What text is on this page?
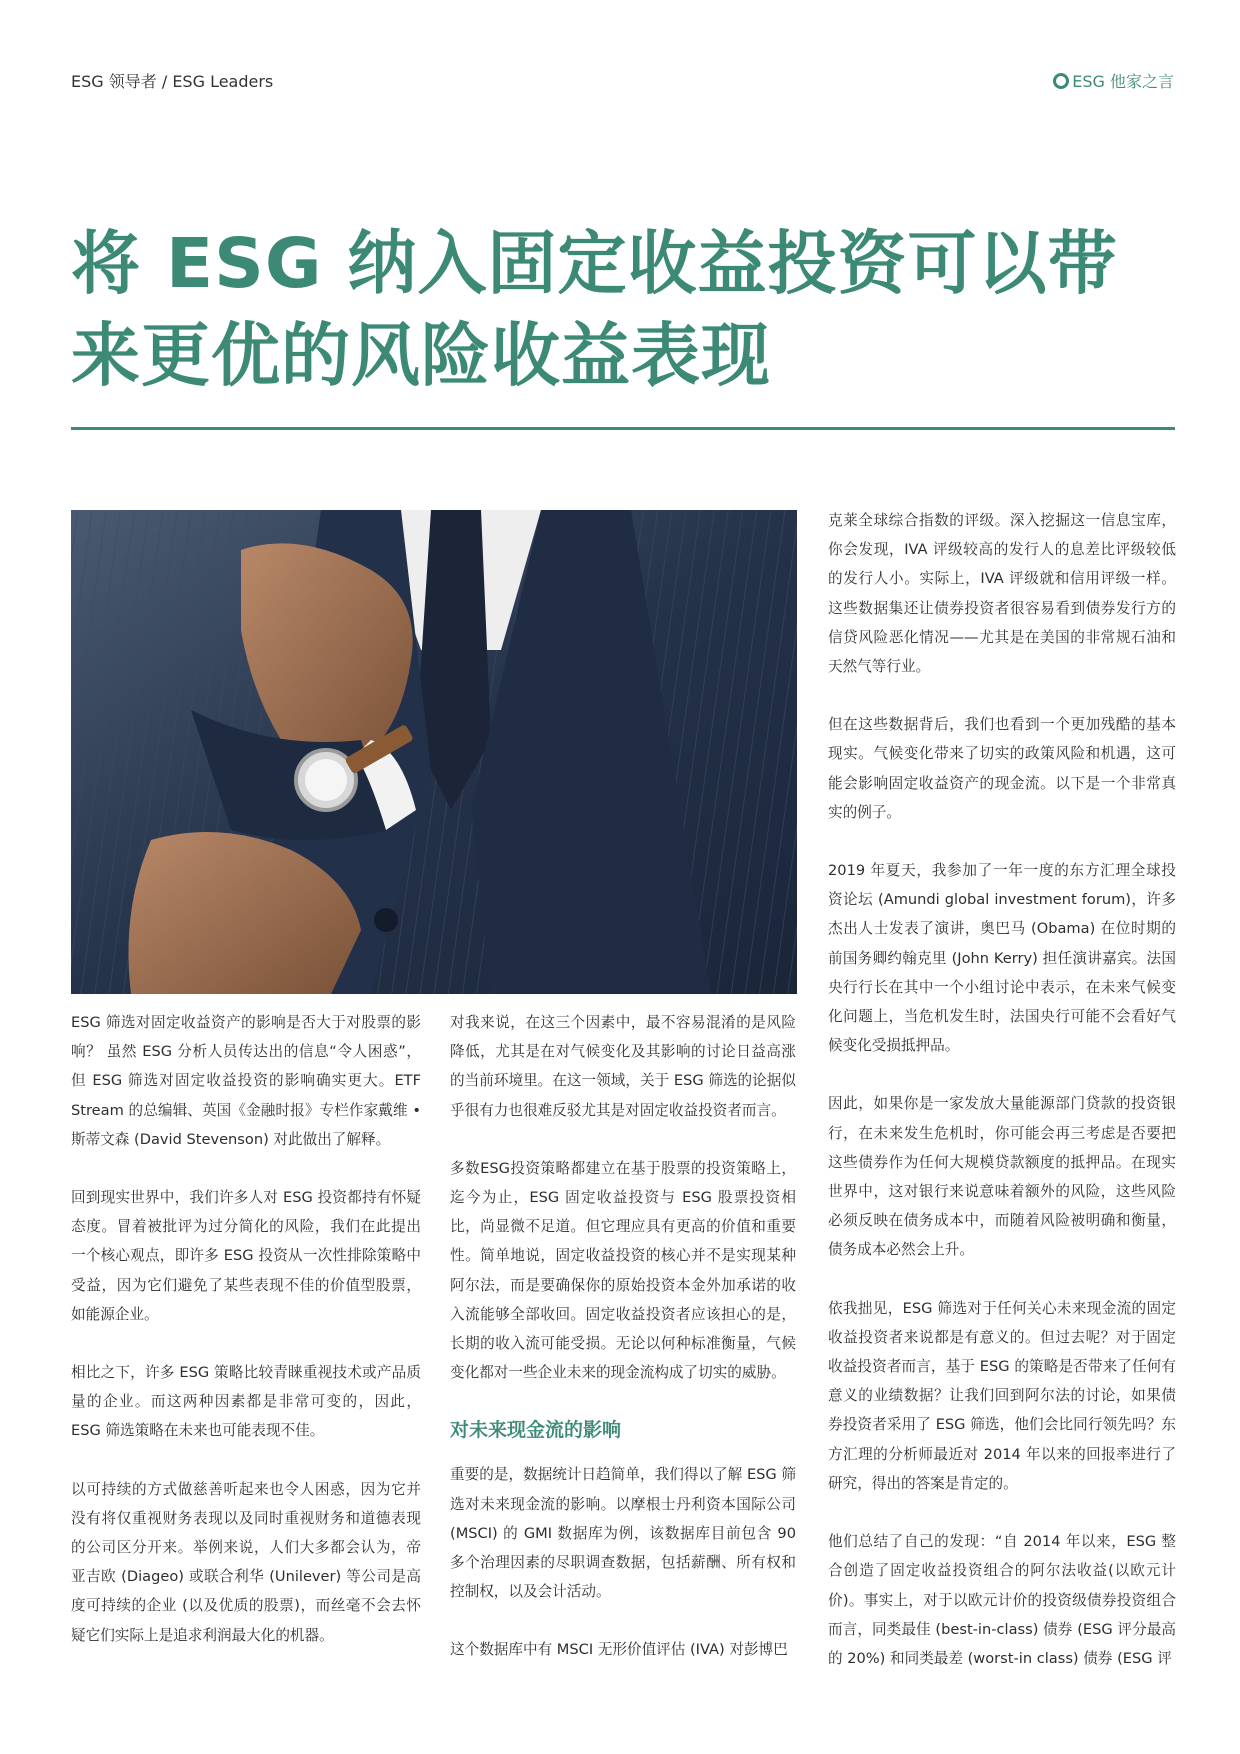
ESG 领导者 / ESG Leaders	ESG 他家之言
将 ESG 纳入固定收益投资可以带来更优的风险收益表现

ESG 筛选对固定收益资产的影响是否大于对股票的影响？ 虽然 ESG 分析人员传达出的信息“令人困惑”，但 ESG 筛选对固定收益投资的影响确实更大。ETF Stream 的总编辑、英国《金融时报》专栏作家戴维 • 斯蒂文森 (David Stevenson) 对此做出了解释。

回到现实世界中，我们许多人对 ESG 投资都持有怀疑态度。冒着被批评为过分简化的风险，我们在此提出一个核心观点，即许多 ESG 投资从一次性排除策略中受益，因为它们避免了某些表现不佳的价值型股票，如能源企业。

相比之下，许多 ESG 策略比较青睐重视技术或产品质量的企业。而这两种因素都是非常可变的，因此，ESG 筛选策略在未来也可能表现不佳。

以可持续的方式做慈善听起来也令人困惑，因为它并没有将仅重视财务表现以及同时重视财务和道德表现的公司区分开来。举例来说，人们大多都会认为，帝亚吉欧 (Diageo) 或联合利华 (Unilever) 等公司是高度可持续的企业 (以及优质的股票)，而丝毫不会去怀疑它们实际上是追求利润最大化的机器。

对我来说，在这三个因素中，最不容易混淆的是风险降低，尤其是在对气候变化及其影响的讨论日益高涨的当前环境里。在这一领域，关于 ESG 筛选的论据似乎很有力也很难反驳尤其是对固定收益投资者而言。

多数ESG投资策略都建立在基于股票的投资策略上，迄今为止，ESG 固定收益投资与 ESG 股票投资相比，尚显微不足道。但它理应具有更高的价值和重要性。简单地说，固定收益投资的核心并不是实现某种阿尔法，而是要确保你的原始投资本金外加承诺的收入流能够全部收回。固定收益投资者应该担心的是，长期的收入流可能受损。无论以何种标准衡量，气候变化都对一些企业未来的现金流构成了切实的威胁。

对未来现金流的影响

重要的是，数据统计日趋简单，我们得以了解 ESG 筛选对未来现金流的影响。以摩根士丹利资本国际公司 (MSCI) 的 GMI 数据库为例，该数据库目前包含 90 多个治理因素的尽职调查数据，包括薪酬、所有权和控制权，以及会计活动。

这个数据库中有 MSCI 无形价值评估 (IVA) 对彭博巴

克莱全球综合指数的评级。深入挖掘这一信息宝库，你会发现，IVA 评级较高的发行人的息差比评级较低的发行人小。实际上，IVA 评级就和信用评级一样。这些数据集还让债券投资者很容易看到债券发行方的信贷风险恶化情况——尤其是在美国的非常规石油和天然气等行业。

但在这些数据背后，我们也看到一个更加残酷的基本现实。气候变化带来了切实的政策风险和机遇，这可能会影响固定收益资产的现金流。以下是一个非常真实的例子。

2019 年夏天，我参加了一年一度的东方汇理全球投资论坛 (Amundi global investment forum)，许多杰出人士发表了演讲，奥巴马 (Obama) 在位时期的前国务卿约翰克里 (John Kerry) 担任演讲嘉宾。法国央行行长在其中一个小组讨论中表示，在未来气候变化问题上，当危机发生时，法国央行可能不会看好气候变化受损抵押品。

因此，如果你是一家发放大量能源部门贷款的投资银行，在未来发生危机时，你可能会再三考虑是否要把这些债券作为任何大规模贷款额度的抵押品。在现实世界中，这对银行来说意味着额外的风险，这些风险必须反映在债务成本中，而随着风险被明确和衡量，债务成本必然会上升。

依我拙见，ESG 筛选对于任何关心未来现金流的固定收益投资者来说都是有意义的。但过去呢？对于固定收益投资者而言，基于 ESG 的策略是否带来了任何有意义的业绩数据？让我们回到阿尔法的讨论，如果债券投资者采用了 ESG 筛选，他们会比同行领先吗？东方汇理的分析师最近对 2014 年以来的回报率进行了研究，得出的答案是肯定的。

他们总结了自己的发现：“自 2014 年以来，ESG 整合创造了固定收益投资组合的阿尔法收益(以欧元计价)。事实上，对于以欧元计价的投资级债券投资组合而言，同类最佳 (best-in-class) 债券 (ESG 评分最高的 20%) 和同类最差 (worst-in class) 债券 (ESG 评
